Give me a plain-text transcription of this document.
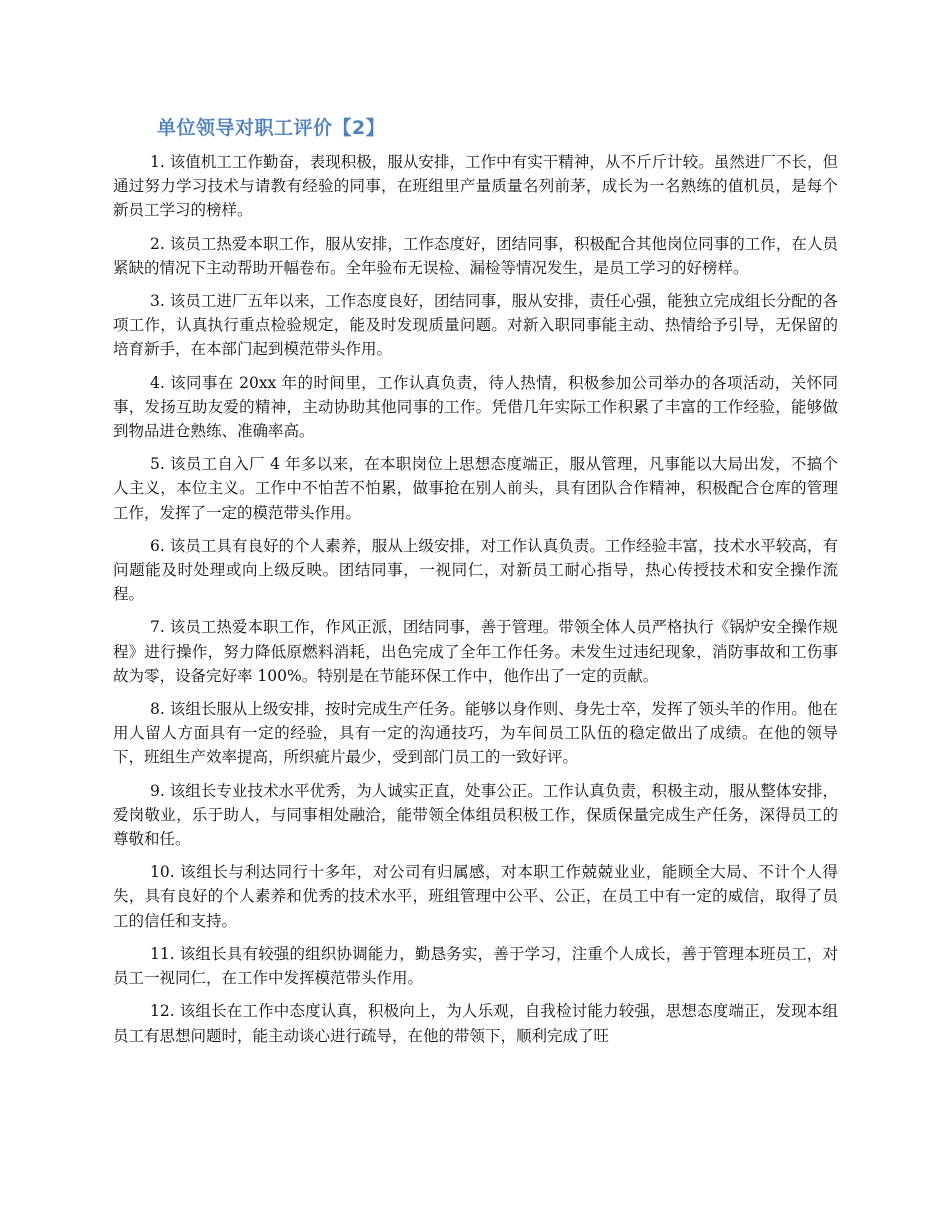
单位领导对职工评价【2】

1. 该值机工工作勤奋，表现积极，服从安排，工作中有实干精神，从不斤斤计较。虽然进厂不长，但通过努力学习技术与请教有经验的同事，在班组里产量质量名列前茅，成长为一名熟练的值机员，是每个新员工学习的榜样。

2. 该员工热爱本职工作，服从安排，工作态度好，团结同事，积极配合其他岗位同事的工作，在人员紧缺的情况下主动帮助开幅卷布。全年验布无误检、漏检等情况发生，是员工学习的好榜样。

3. 该员工进厂五年以来，工作态度良好，团结同事，服从安排，责任心强，能独立完成组长分配的各项工作，认真执行重点检验规定，能及时发现质量问题。对新入职同事能主动、热情给予引导，无保留的培育新手，在本部门起到模范带头作用。

4. 该同事在 20xx 年的时间里，工作认真负责，待人热情，积极参加公司举办的各项活动，关怀同事，发扬互助友爱的精神，主动协助其他同事的工作。凭借几年实际工作积累了丰富的工作经验，能够做到物品进仓熟练、准确率高。

5. 该员工自入厂 4 年多以来，在本职岗位上思想态度端正，服从管理，凡事能以大局出发，不搞个人主义，本位主义。工作中不怕苦不怕累，做事抢在别人前头，具有团队合作精神，积极配合仓库的管理工作，发挥了一定的模范带头作用。

6. 该员工具有良好的个人素养，服从上级安排，对工作认真负责。工作经验丰富，技术水平较高，有问题能及时处理或向上级反映。团结同事，一视同仁，对新员工耐心指导，热心传授技术和安全操作流程。

7. 该员工热爱本职工作，作风正派，团结同事，善于管理。带领全体人员严格执行《锅炉安全操作规程》进行操作，努力降低原燃料消耗，出色完成了全年工作任务。未发生过违纪现象，消防事故和工伤事故为零，设备完好率 100%。特别是在节能环保工作中，他作出了一定的贡献。

8. 该组长服从上级安排，按时完成生产任务。能够以身作则、身先士卒，发挥了领头羊的作用。他在用人留人方面具有一定的经验，具有一定的沟通技巧，为车间员工队伍的稳定做出了成绩。在他的领导下，班组生产效率提高，所织疵片最少，受到部门员工的一致好评。

9. 该组长专业技术水平优秀，为人诚实正直，处事公正。工作认真负责，积极主动，服从整体安排，爱岗敬业，乐于助人，与同事相处融洽，能带领全体组员积极工作，保质保量完成生产任务，深得员工的尊敬和任。

10. 该组长与利达同行十多年，对公司有归属感，对本职工作兢兢业业，能顾全大局、不计个人得失，具有良好的个人素养和优秀的技术水平，班组管理中公平、公正，在员工中有一定的威信，取得了员工的信任和支持。

11. 该组长具有较强的组织协调能力，勤恳务实，善于学习，注重个人成长，善于管理本班员工，对员工一视同仁，在工作中发挥模范带头作用。

12. 该组长在工作中态度认真，积极向上，为人乐观，自我检讨能力较强，思想态度端正，发现本组员工有思想问题时，能主动谈心进行疏导，在他的带领下，顺利完成了旺
